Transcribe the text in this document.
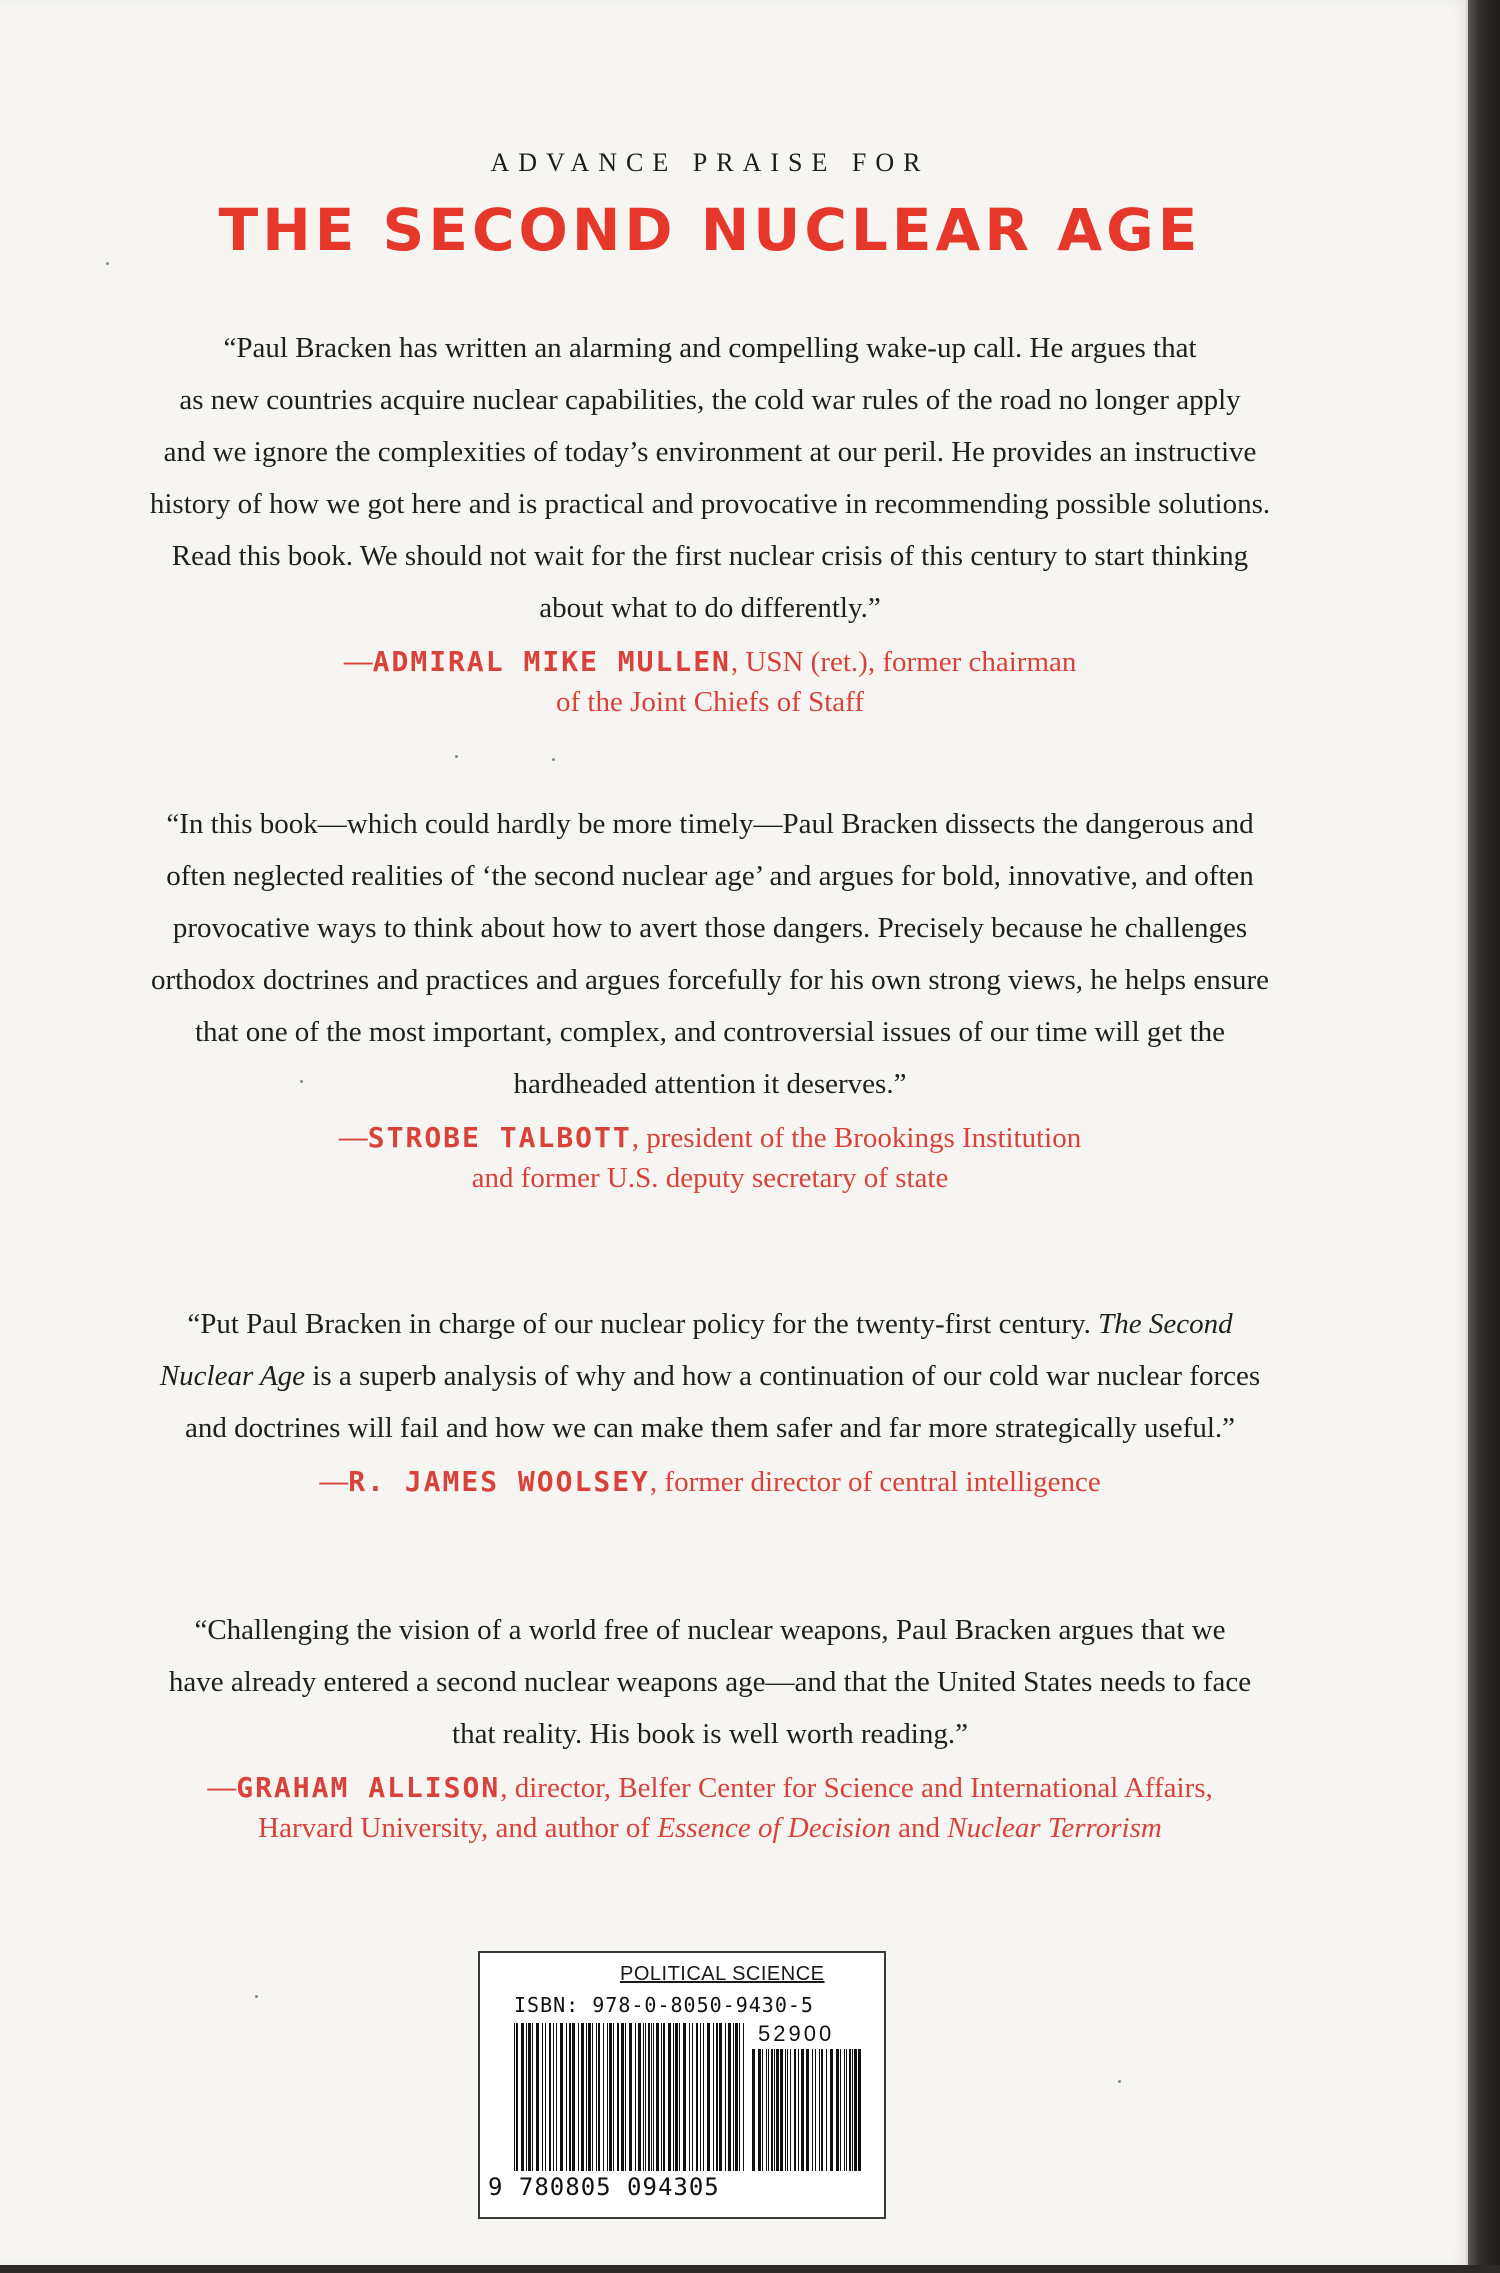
ADVANCE PRAISE FOR
THE SECOND NUCLEAR AGE

“Paul Bracken has written an alarming and compelling wake-up call. He argues that
as new countries acquire nuclear capabilities, the cold war rules of the road no longer apply
and we ignore the complexities of today’s environment at our peril. He provides an instructive
history of how we got here and is practical and provocative in recommending possible solutions.
Read this book. We should not wait for the first nuclear crisis of this century to start thinking
about what to do differently.”

—ADMIRAL MIKE MULLEN, USN (ret.), former chairman
of the Joint Chiefs of Staff

“In this book—which could hardly be more timely—Paul Bracken dissects the dangerous and
often neglected realities of ‘the second nuclear age’ and argues for bold, innovative, and often
provocative ways to think about how to avert those dangers. Precisely because he challenges
orthodox doctrines and practices and argues forcefully for his own strong views, he helps ensure
that one of the most important, complex, and controversial issues of our time will get the
hardheaded attention it deserves.”

—STROBE TALBOTT, president of the Brookings Institution
and former U.S. deputy secretary of state

“Put Paul Bracken in charge of our nuclear policy for the twenty-first century. The Second
Nuclear Age is a superb analysis of why and how a continuation of our cold war nuclear forces
and doctrines will fail and how we can make them safer and far more strategically useful.”

—R. JAMES WOOLSEY, former director of central intelligence

“Challenging the vision of a world free of nuclear weapons, Paul Bracken argues that we
have already entered a second nuclear weapons age—and that the United States needs to face
that reality. His book is well worth reading.”

—GRAHAM ALLISON, director, Belfer Center for Science and International Affairs,
Harvard University, and author of Essence of Decision and Nuclear Terrorism

POLITICAL SCIENCE
ISBN: 978-0-8050-9430-5
52900
9 780805 094305
